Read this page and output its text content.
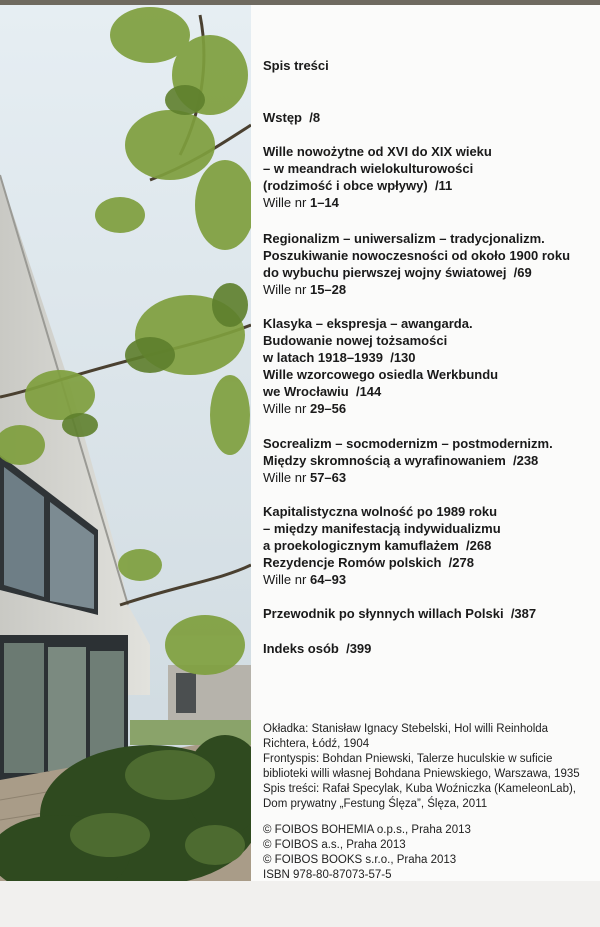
Spis treści
Wstęp /8
Wille nowożytne od XVI do XIX wieku
– w meandrach wielokulturowości
(rodzimość i obce wpływy) /11
Wille nr 1–14
Regionalizm – uniwersalizm – tradycjonalizm.
Poszukiwanie nowoczesności od około 1900 roku
do wybuchu pierwszej wojny światowej /69
Wille nr 15–28
Klasyka – ekspresja – awangarda.
Budowanie nowej tożsamości
w latach 1918–1939 /130
Wille wzorcowego osiedla Werkbundu
we Wrocławiu /144
Wille nr 29–56
Socrealizm – socmodernizm – postmodernizm.
Między skromnością a wyrafinowaniem /238
Wille nr 57–63
Kapitalistyczna wolność po 1989 roku
– między manifestacją indywidualizmu
a proekologicznym kamuflażem /268
Rezydencje Romów polskich /278
Wille nr 64–93
Przewodnik po słynnych willach Polski /387
Indeks osób /399
Okładka: Stanisław Ignacy Stebelski, Hol willi Reinholda
Richtera, Łódź, 1904
Frontyspis: Bohdan Pniewski, Talerze huculskie w suficie
biblioteki willi własnej Bohdana Pniewskiego, Warszawa, 1935
Spis treści: Rafał Specylak, Kuba Woźniczka (KameleonLab),
Dom prywatny „Festung Ślęza”, Ślęza, 2011
© FOIBOS BOHEMIA o.p.s., Praha 2013
© FOIBOS a.s., Praha 2013
© FOIBOS BOOKS s.r.o., Praha 2013
ISBN 978-80-87073-57-5
